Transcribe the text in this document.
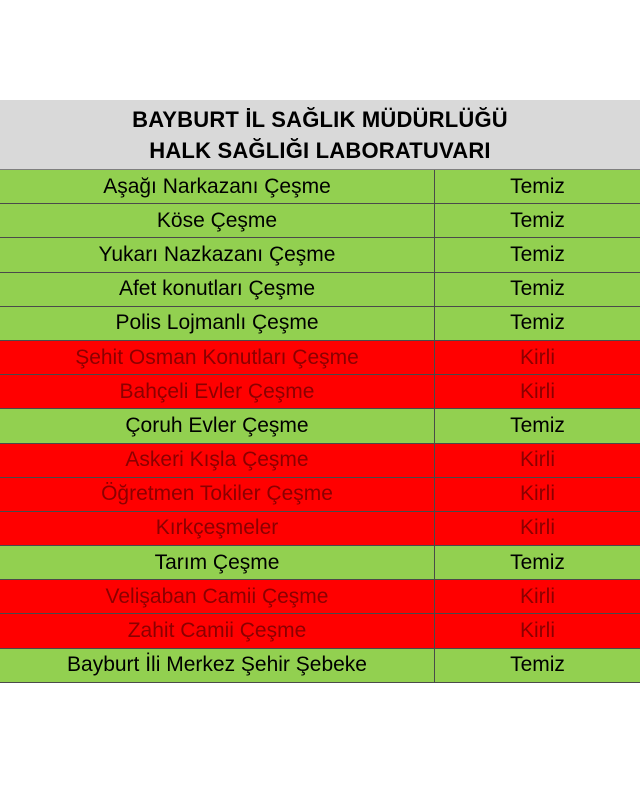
BAYBURT İL SAĞLIK MÜDÜRLÜĞÜ
HALK SAĞLIĞI LABORATUVARI
Aşağı Narkazanı Çeşme	Temiz
Köse Çeşme	Temiz
Yukarı Nazkazanı Çeşme	Temiz
Afet konutları Çeşme	Temiz
Polis Lojmanlı Çeşme	Temiz
Şehit Osman Konutları Çeşme	Kirli
Bahçeli Evler Çeşme	Kirli
Çoruh Evler Çeşme	Temiz
Askeri Kışla Çeşme	Kirli
Öğretmen Tokiler Çeşme	Kirli
Kırkçeşmeler	Kirli
Tarım Çeşme	Temiz
Velişaban Camii Çeşme	Kirli
Zahit Camii Çeşme	Kirli
Bayburt İli Merkez Şehir Şebeke	Temiz
